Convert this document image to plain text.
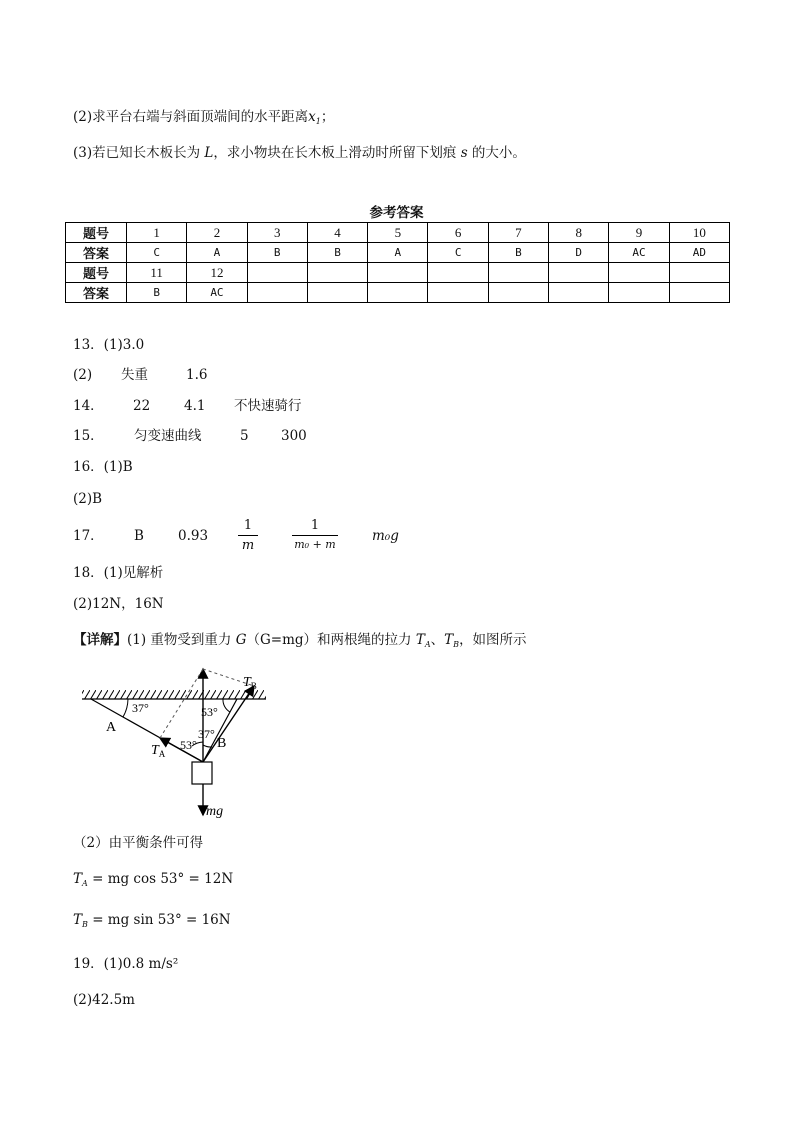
(2)求平台右端与斜面顶端间的水平距离$x_1$；
(3)若已知长木板长为 L，求小物块在长木板上滑动时所留下划痕 s 的大小。
参考答案
题号	1	2	3	4	5	6	7	8	9	10
答案	C	A	B	B	A	C	B	D	AC	AD
题号	11	12								
答案	B	AC								
13．(1)3.0
(2) 失重	1.6
14． 22	4.1 不快速骑行
15． 匀变速曲线	5 300
16．(1)B
(2)B
17． B	0.93	m₀g
1
m
1
m₀ + m
18．(1)见解析
(2)12N，16N
【详解】(1) 重物受到重力 G（G=mg）和两根绳的拉力 $T_A$、$T_B$，如图所示
37°
A
$T_A$
53°
37°
53°
B
$T_B$
mg
（2）由平衡条件可得
$T_A$ = mg cos 53° = 12N
$T_B$ = mg sin 53° = 16N
19．(1)0.8 m/s²
(2)42.5m
